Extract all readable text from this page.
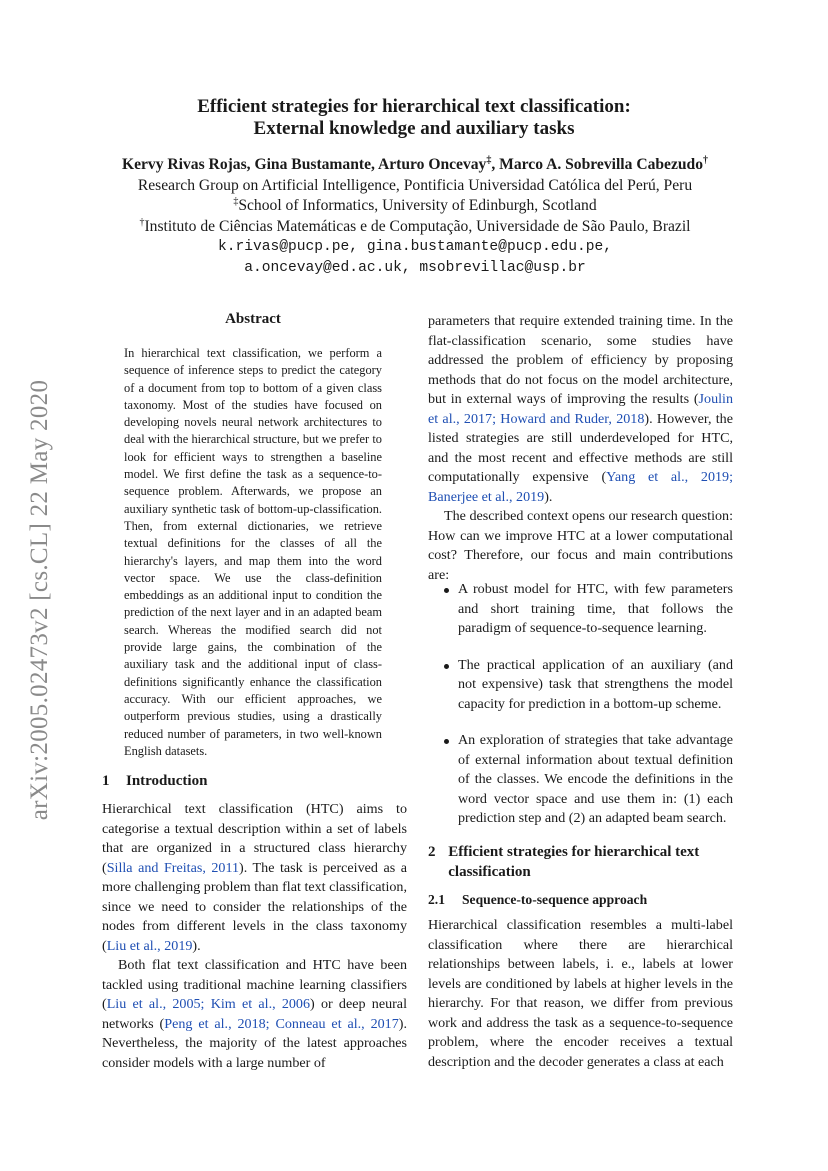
arXiv:2005.02473v2 [cs.CL] 22 May 2020
Efficient strategies for hierarchical text classification:
External knowledge and auxiliary tasks
Kervy Rivas Rojas, Gina Bustamante, Arturo Oncevay‡, Marco A. Sobrevilla Cabezudo†
Research Group on Artificial Intelligence, Pontificia Universidad Católica del Perú, Peru
‡School of Informatics, University of Edinburgh, Scotland
†Instituto de Ciências Matemáticas e de Computação, Universidade de São Paulo, Brazil
k.rivas@pucp.pe, gina.bustamante@pucp.edu.pe,
a.oncevay@ed.ac.uk, msobrevillac@usp.br
Abstract
In hierarchical text classification, we perform a sequence of inference steps to predict the category of a document from top to bottom of a given class taxonomy. Most of the studies have focused on developing novels neural network architectures to deal with the hierarchical structure, but we prefer to look for efficient ways to strengthen a baseline model. We first define the task as a sequence-to-sequence problem. Afterwards, we propose an auxiliary synthetic task of bottom-up-classification. Then, from external dictionaries, we retrieve textual definitions for the classes of all the hierarchy's layers, and map them into the word vector space. We use the class-definition embeddings as an additional input to condition the prediction of the next layer and in an adapted beam search. Whereas the modified search did not provide large gains, the combination of the auxiliary task and the additional input of class-definitions significantly enhance the classification accuracy. With our efficient approaches, we outperform previous studies, using a drastically reduced number of parameters, in two well-known English datasets.
1 Introduction

Hierarchical text classification (HTC) aims to categorise a textual description within a set of labels that are organized in a structured class hierarchy (Silla and Freitas, 2011). The task is perceived as a more challenging problem than flat text classification, since we need to consider the relationships of the nodes from different levels in the class taxonomy (Liu et al., 2019).

Both flat text classification and HTC have been tackled using traditional machine learning classifiers (Liu et al., 2005; Kim et al., 2006) or deep neural networks (Peng et al., 2018; Conneau et al., 2017). Nevertheless, the majority of the latest approaches consider models with a large number of

parameters that require extended training time. In the flat-classification scenario, some studies have addressed the problem of efficiency by proposing methods that do not focus on the model architecture, but in external ways of improving the results (Joulin et al., 2017; Howard and Ruder, 2018). However, the listed strategies are still underdeveloped for HTC, and the most recent and effective methods are still computationally expensive (Yang et al., 2019; Banerjee et al., 2019).

The described context opens our research question: How can we improve HTC at a lower computational cost? Therefore, our focus and main contributions are:

A robust model for HTC, with few parameters and short training time, that follows the paradigm of sequence-to-sequence learning.
The practical application of an auxiliary (and not expensive) task that strengthens the model capacity for prediction in a bottom-up scheme.
An exploration of strategies that take advantage of external information about textual definition of the classes. We encode the definitions in the word vector space and use them in: (1) each prediction step and (2) an adapted beam search.
2 Efficient strategies for hierarchical text classification
2.1 Sequence-to-sequence approach

Hierarchical classification resembles a multi-label classification where there are hierarchical relationships between labels, i. e., labels at lower levels are conditioned by labels at higher levels in the hierarchy. For that reason, we differ from previous work and address the task as a sequence-to-sequence problem, where the encoder receives a textual description and the decoder generates a class at each
